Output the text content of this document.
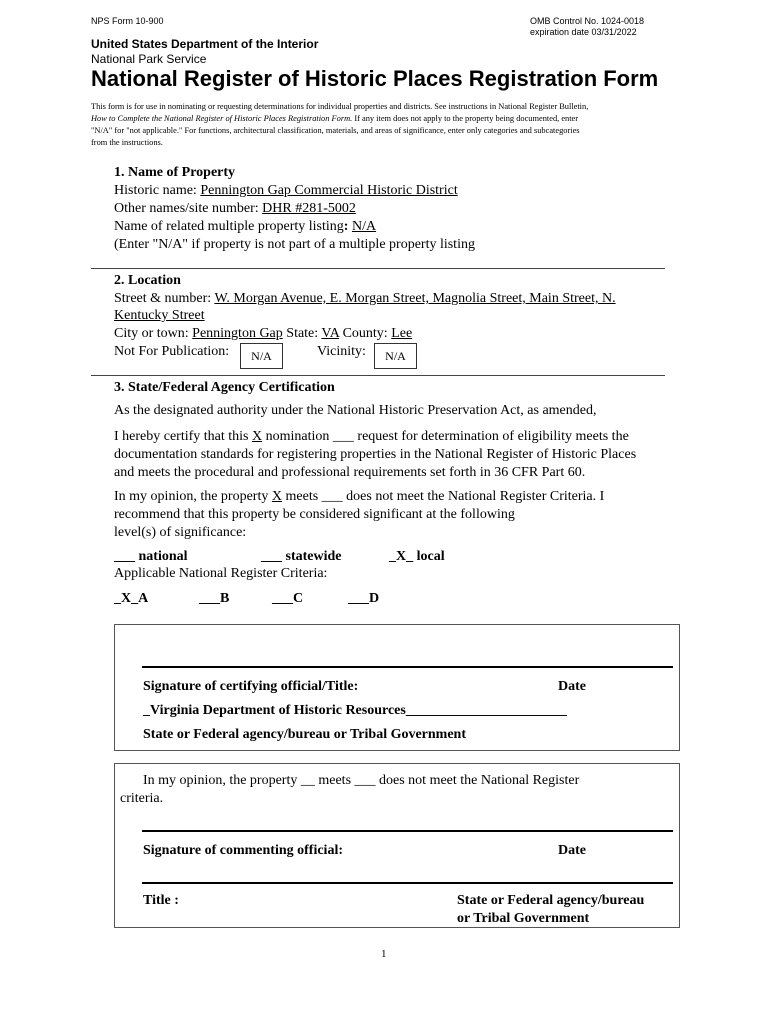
NPS Form 10-900	OMB Control No. 1024-0018
expiration date 03/31/2022
United States Department of the Interior
National Park Service
National Register of Historic Places Registration Form
This form is for use in nominating or requesting determinations for individual properties and districts. See instructions in National Register Bulletin,
How to Complete the National Register of Historic Places Registration Form. If any item does not apply to the property being documented, enter
"N/A" for "not applicable." For functions, architectural classification, materials, and areas of significance, enter only categories and subcategories
from the instructions.
1. Name of Property
Historic name: Pennington Gap Commercial Historic District
Other names/site number: DHR #281-5002
Name of related multiple property listing: N/A
(Enter "N/A" if property is not part of a multiple property listing
2. Location
Street & number: W. Morgan Avenue, E. Morgan Street, Magnolia Street, Main Street, N.
Kentucky Street
City or town: Pennington Gap State: VA County: Lee
Not For Publication:	N/A	Vicinity:	N/A
3. State/Federal Agency Certification
As the designated authority under the National Historic Preservation Act, as amended,
I hereby certify that this X nomination ___ request for determination of eligibility meets the
documentation standards for registering properties in the National Register of Historic Places
and meets the procedural and professional requirements set forth in 36 CFR Part 60.
In my opinion, the property X meets ___ does not meet the National Register Criteria. I
recommend that this property be considered significant at the following
level(s) of significance:
___ national	___ statewide	_X_ local
Applicable National Register Criteria:
_X_A	___B	___C	___D
Signature of certifying official/Title:	Date
_Virginia Department of Historic Resources_______________________
State or Federal agency/bureau or Tribal Government
In my opinion, the property __ meets ___ does not meet the National Register
criteria.
Signature of commenting official:	Date
Title :	State or Federal agency/bureau
or Tribal Government
1
